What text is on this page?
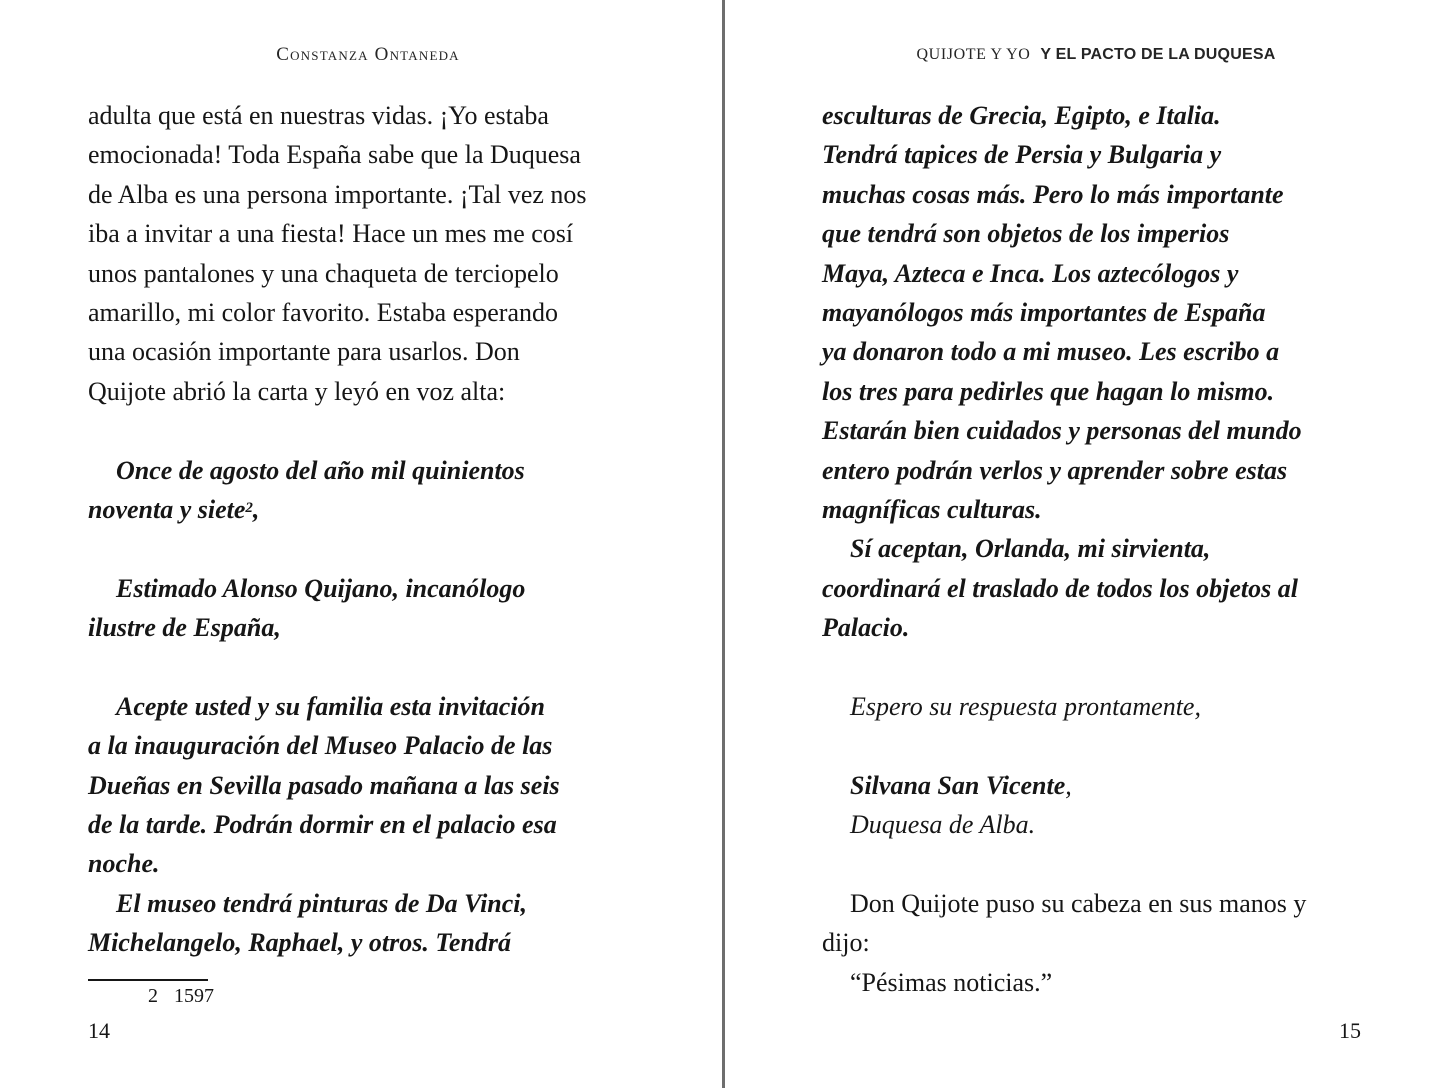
Constanza Ontaneda
adulta que está en nuestras vidas. ¡Yo estaba
emocionada! Toda España sabe que la Duquesa
de Alba es una persona importante. ¡Tal vez nos
iba a invitar a una fiesta! Hace un mes me cosí
unos pantalones y una chaqueta de terciopelo
amarillo, mi color favorito. Estaba esperando
una ocasión importante para usarlos. Don
Quijote abrió la carta y leyó en voz alta:
Once de agosto del año mil quinientos
noventa y siete$^2$,
Estimado Alonso Quijano, incanólogo
ilustre de España,
Acepte usted y su familia esta invitación
a la inauguración del Museo Palacio de las
Dueñas en Sevilla pasado mañana a las seis
de la tarde. Podrán dormir en el palacio esa
noche.
El museo tendrá pinturas de Da Vinci,
Michelangelo, Raphael, y otros. Tendrá
2 1597
14
QUIJOTE Y YO Y EL PACTO DE LA DUQUESA
esculturas de Grecia, Egipto, e Italia.
Tendrá tapices de Persia y Bulgaria y
muchas cosas más. Pero lo más importante
que tendrá son objetos de los imperios
Maya, Azteca e Inca. Los aztecólogos y
mayanólogos más importantes de España
ya donaron todo a mi museo. Les escribo a
los tres para pedirles que hagan lo mismo.
Estarán bien cuidados y personas del mundo
entero podrán verlos y aprender sobre estas
magníficas culturas.
Sí aceptan, Orlanda, mi sirvienta,
coordinará el traslado de todos los objetos al
Palacio.
Espero su respuesta prontamente,
Silvana San Vicente,
Duquesa de Alba.
Don Quijote puso su cabeza en sus manos y
dijo:
“Pésimas noticias.”
15
